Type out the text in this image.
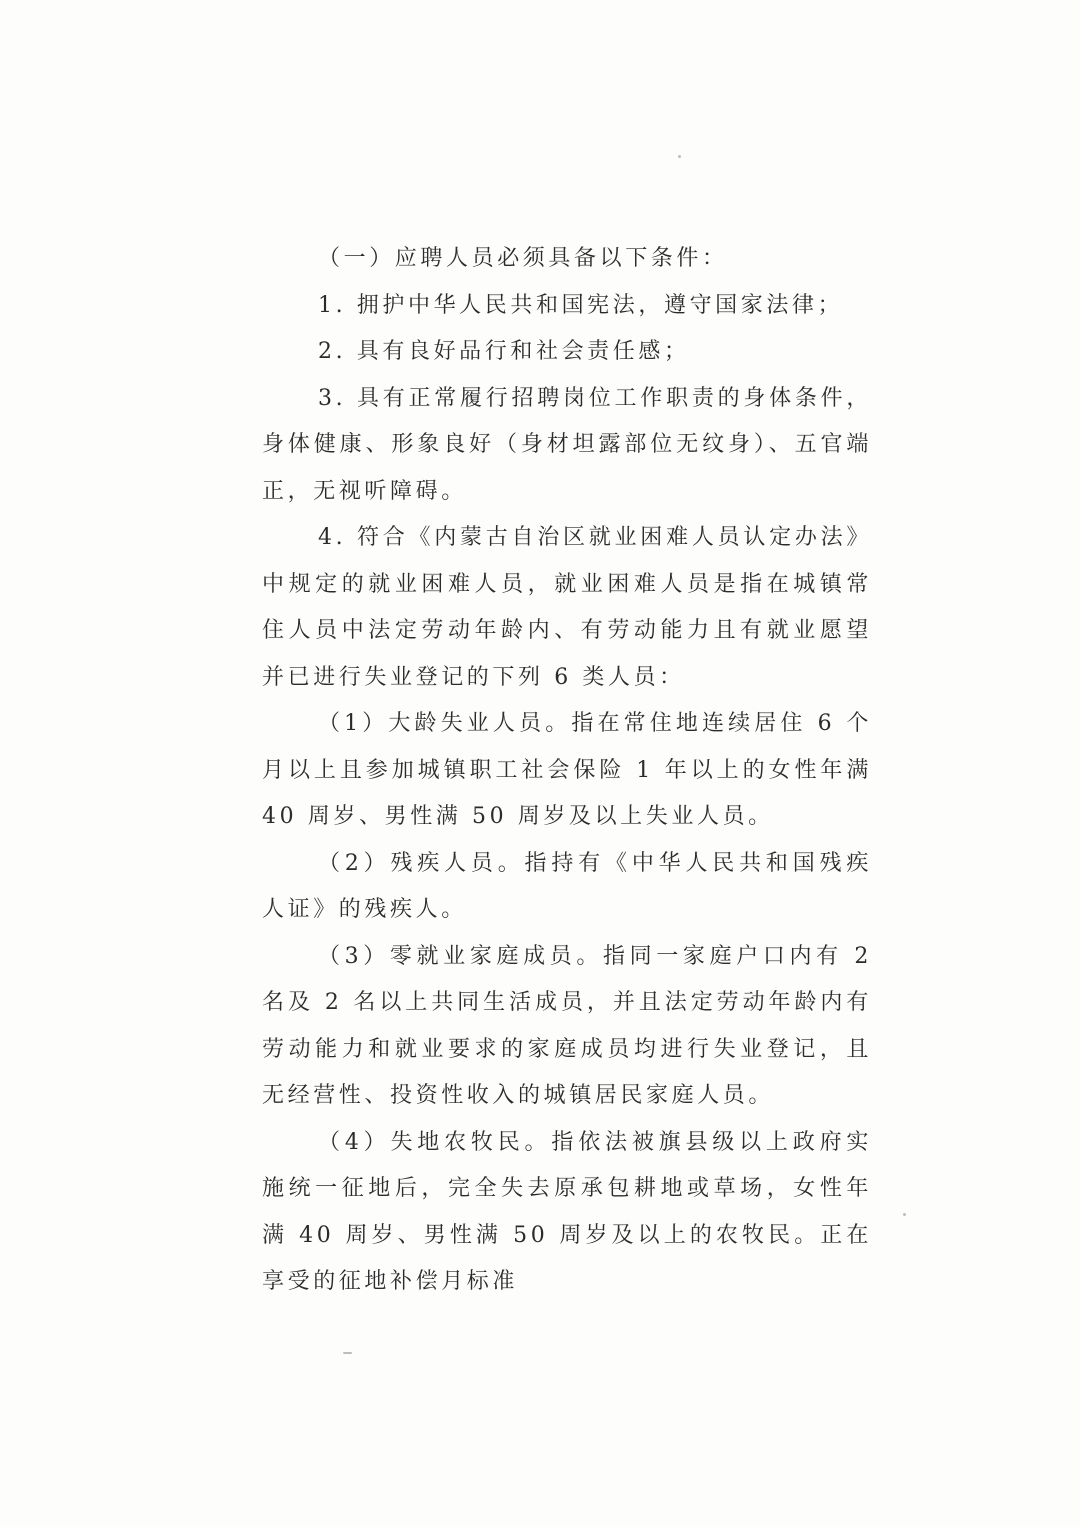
（一）应聘人员必须具备以下条件：

1. 拥护中华人民共和国宪法，遵守国家法律；

2. 具有良好品行和社会责任感；

3. 具有正常履行招聘岗位工作职责的身体条件，身体健康、形象良好（身材坦露部位无纹身）、五官端正，无视听障碍。

4. 符合《内蒙古自治区就业困难人员认定办法》中规定的就业困难人员，就业困难人员是指在城镇常住人员中法定劳动年龄内、有劳动能力且有就业愿望并已进行失业登记的下列 6 类人员：

（1）大龄失业人员。指在常住地连续居住 6 个月以上且参加城镇职工社会保险 1 年以上的女性年满 40 周岁、男性满 50 周岁及以上失业人员。

（2）残疾人员。指持有《中华人民共和国残疾人证》的残疾人。

（3）零就业家庭成员。指同一家庭户口内有 2 名及 2 名以上共同生活成员，并且法定劳动年龄内有劳动能力和就业要求的家庭成员均进行失业登记，且无经营性、投资性收入的城镇居民家庭人员。

（4）失地农牧民。指依法被旗县级以上政府实施统一征地后，完全失去原承包耕地或草场，女性年满 40 周岁、男性满 50 周岁及以上的农牧民。正在享受的征地补偿月标准
